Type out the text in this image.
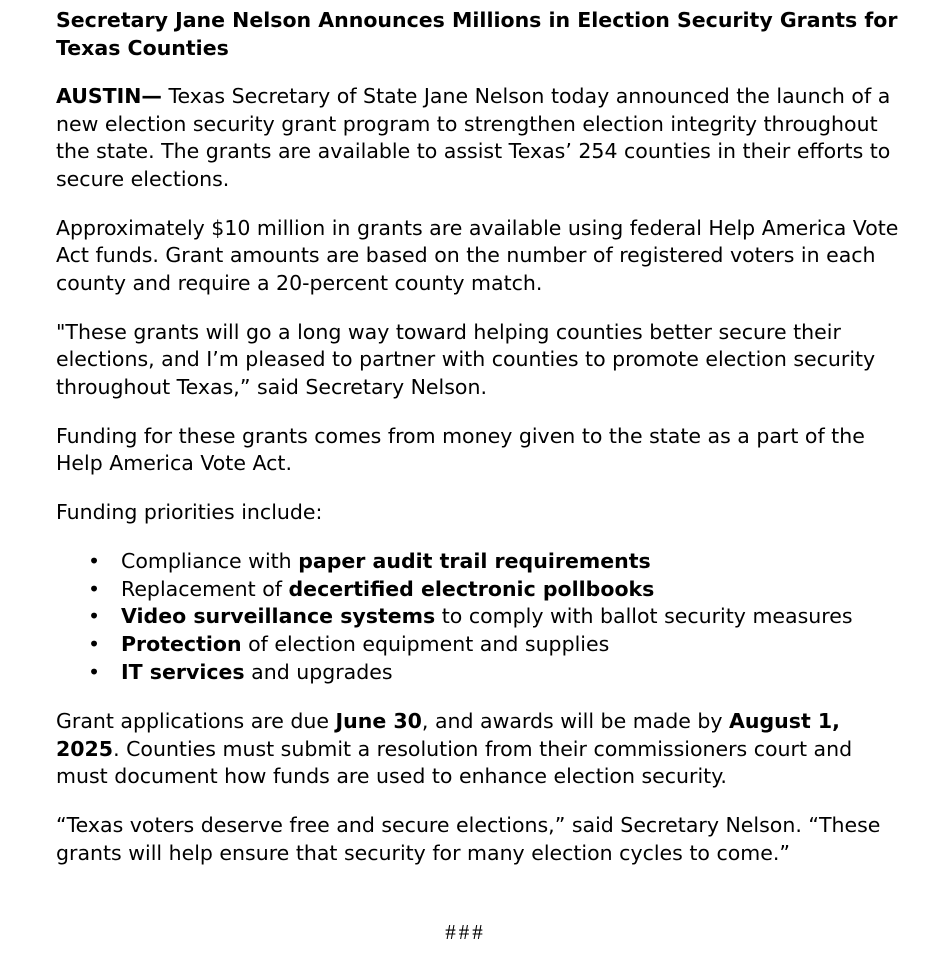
Secretary Jane Nelson Announces Millions in Election Security Grants for Texas Counties

AUSTIN— Texas Secretary of State Jane Nelson today announced the launch of a new election security grant program to strengthen election integrity throughout the state. The grants are available to assist Texas’ 254 counties in their efforts to secure elections.

Approximately $10 million in grants are available using federal Help America Vote Act funds. Grant amounts are based on the number of registered voters in each county and require a 20-percent county match.

"These grants will go a long way toward helping counties better secure their elections, and I’m pleased to partner with counties to promote election security throughout Texas,” said Secretary Nelson.

Funding for these grants comes from money given to the state as a part of the Help America Vote Act.

Funding priorities include:

• Compliance with paper audit trail requirements
• Replacement of decertified electronic pollbooks
• Video surveillance systems to comply with ballot security measures
• Protection of election equipment and supplies
• IT services and upgrades

Grant applications are due June 30, and awards will be made by August 1, 2025. Counties must submit a resolution from their commissioners court and must document how funds are used to enhance election security.

“Texas voters deserve free and secure elections,” said Secretary Nelson. “These grants will help ensure that security for many election cycles to come.”

###
